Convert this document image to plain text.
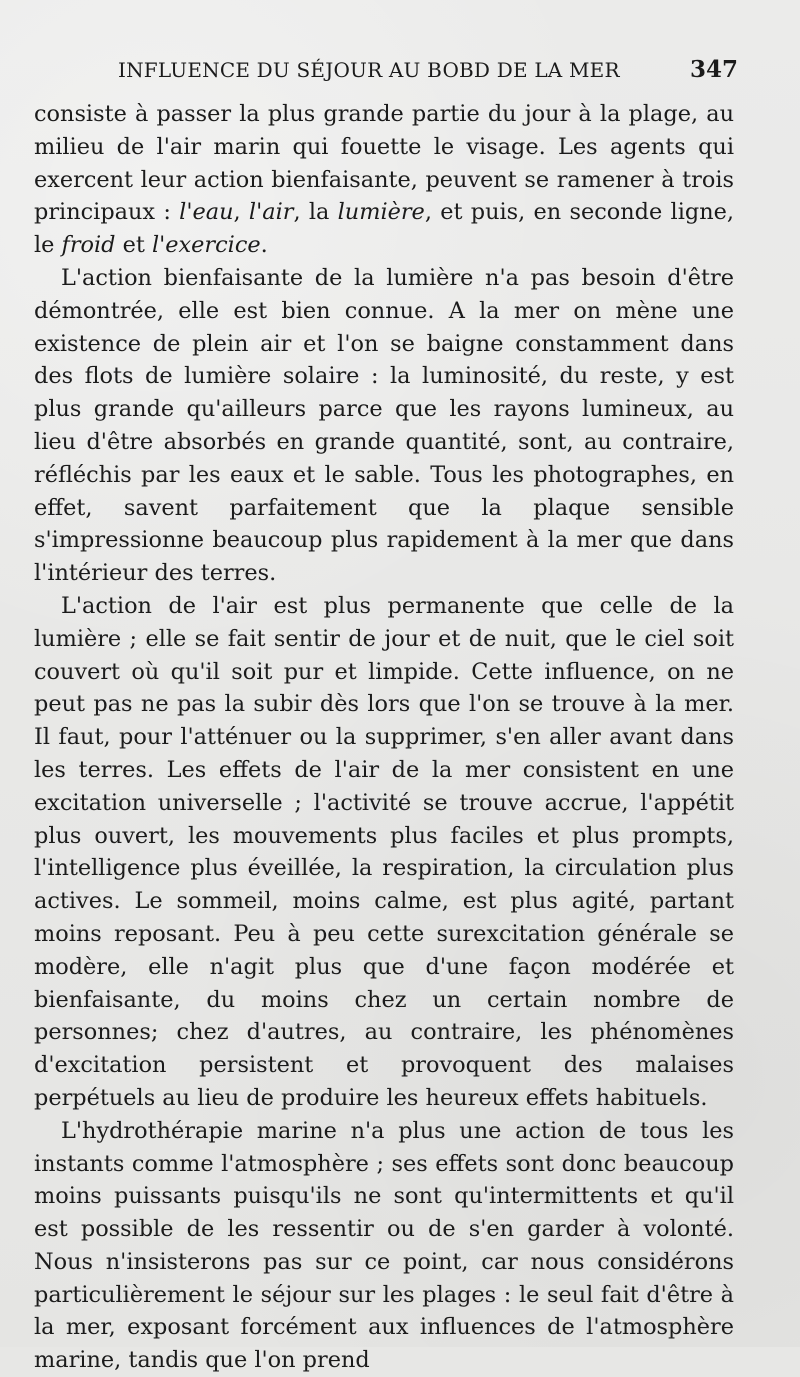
INFLUENCE DU SÉJOUR AU BOBD DE LA MER	347

consiste à passer la plus grande partie du jour à la plage, au milieu de l'air marin qui fouette le visage. Les agents qui exercent leur action bienfaisante, peuvent se ramener à trois principaux : l'eau, l'air, la lumière, et puis, en seconde ligne, le froid et l'exercice.

L'action bienfaisante de la lumière n'a pas besoin d'être démontrée, elle est bien connue. A la mer on mène une existence de plein air et l'on se baigne constamment dans des flots de lumière solaire : la luminosité, du reste, y est plus grande qu'ailleurs parce que les rayons lumineux, au lieu d'être absorbés en grande quantité, sont, au contraire, réfléchis par les eaux et le sable. Tous les photographes, en effet, savent parfaitement que la plaque sensible s'impressionne beaucoup plus rapidement à la mer que dans l'intérieur des terres.

L'action de l'air est plus permanente que celle de la lumière ; elle se fait sentir de jour et de nuit, que le ciel soit couvert où qu'il soit pur et limpide. Cette influence, on ne peut pas ne pas la subir dès lors que l'on se trouve à la mer. Il faut, pour l'atténuer ou la supprimer, s'en aller avant dans les terres. Les effets de l'air de la mer consistent en une excitation universelle ; l'activité se trouve accrue, l'appétit plus ouvert, les mouvements plus faciles et plus prompts, l'intelligence plus éveillée, la respiration, la circulation plus actives. Le sommeil, moins calme, est plus agité, partant moins reposant. Peu à peu cette surexcitation générale se modère, elle n'agit plus que d'une façon modérée et bienfaisante, du moins chez un certain nombre de personnes; chez d'autres, au contraire, les phénomènes d'excitation persistent et provoquent des malaises perpétuels au lieu de produire les heureux effets habituels.

L'hydrothérapie marine n'a plus une action de tous les instants comme l'atmosphère ; ses effets sont donc beaucoup moins puissants puisqu'ils ne sont qu'intermittents et qu'il est possible de les ressentir ou de s'en garder à volonté. Nous n'insisterons pas sur ce point, car nous considérons particulièrement le séjour sur les plages : le seul fait d'être à la mer, exposant forcément aux influences de l'atmosphère marine, tandis que l'on prend
